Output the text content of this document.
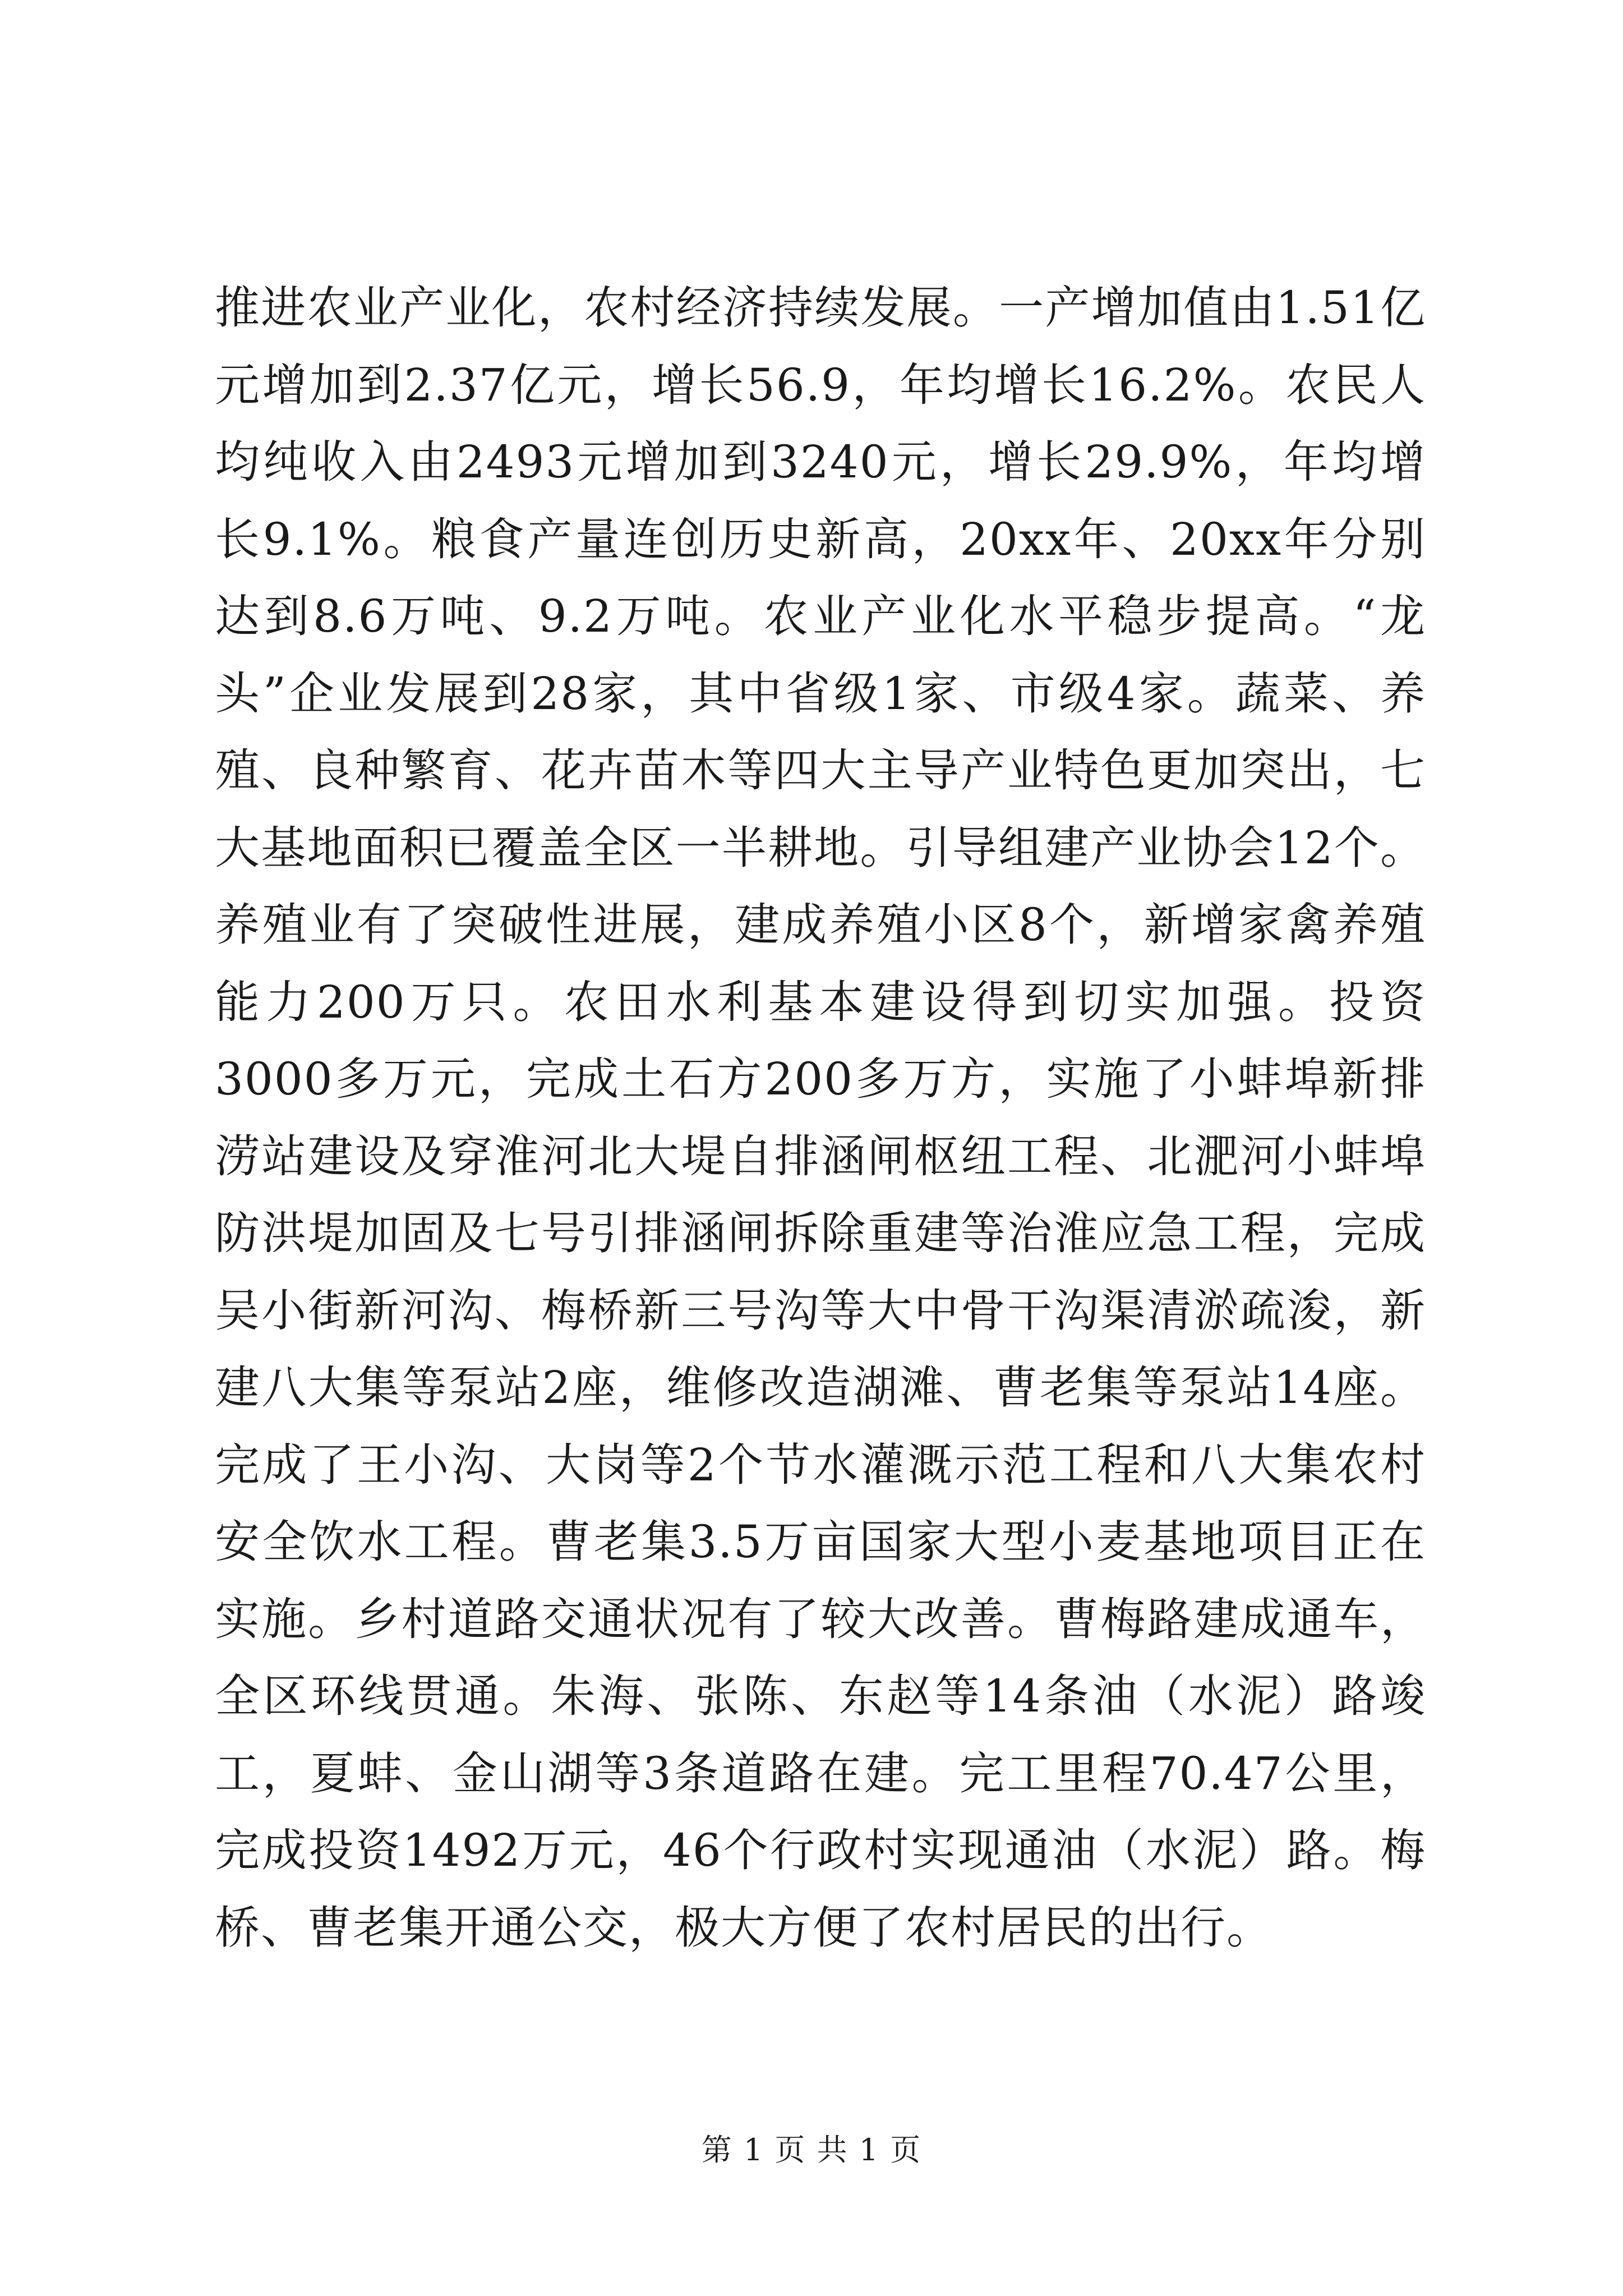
推进农业产业化，农村经济持续发展。一产增加值由1.51亿元增加到2.37亿元，增长56.9，年均增长16.2%。农民人均纯收入由2493元增加到3240元，增长29.9%，年均增长9.1%。粮食产量连创历史新高，20xx年、20xx年分别达到8.6万吨、9.2万吨。农业产业化水平稳步提高。“龙头”企业发展到28家，其中省级1家、市级4家。蔬菜、养殖、良种繁育、花卉苗木等四大主导产业特色更加突出，七大基地面积已覆盖全区一半耕地。引导组建产业协会12个。养殖业有了突破性进展，建成养殖小区8个，新增家禽养殖能力200万只。农田水利基本建设得到切实加强。投资3000多万元，完成土石方200多万方，实施了小蚌埠新排涝站建设及穿淮河北大堤自排涵闸枢纽工程、北淝河小蚌埠防洪堤加固及七号引排涵闸拆除重建等治淮应急工程，完成吴小街新河沟、梅桥新三号沟等大中骨干沟渠清淤疏浚，新建八大集等泵站2座，维修改造湖滩、曹老集等泵站14座。完成了王小沟、大岗等2个节水灌溉示范工程和八大集农村安全饮水工程。曹老集3.5万亩国家大型小麦基地项目正在实施。乡村道路交通状况有了较大改善。曹梅路建成通车，全区环线贯通。朱海、张陈、东赵等14条油（水泥）路竣工，夏蚌、金山湖等3条道路在建。完工里程70.47公里，完成投资1492万元，46个行政村实现通油（水泥）路。梅桥、曹老集开通公交，极大方便了农村居民的出行。

第 1 页 共 1 页
